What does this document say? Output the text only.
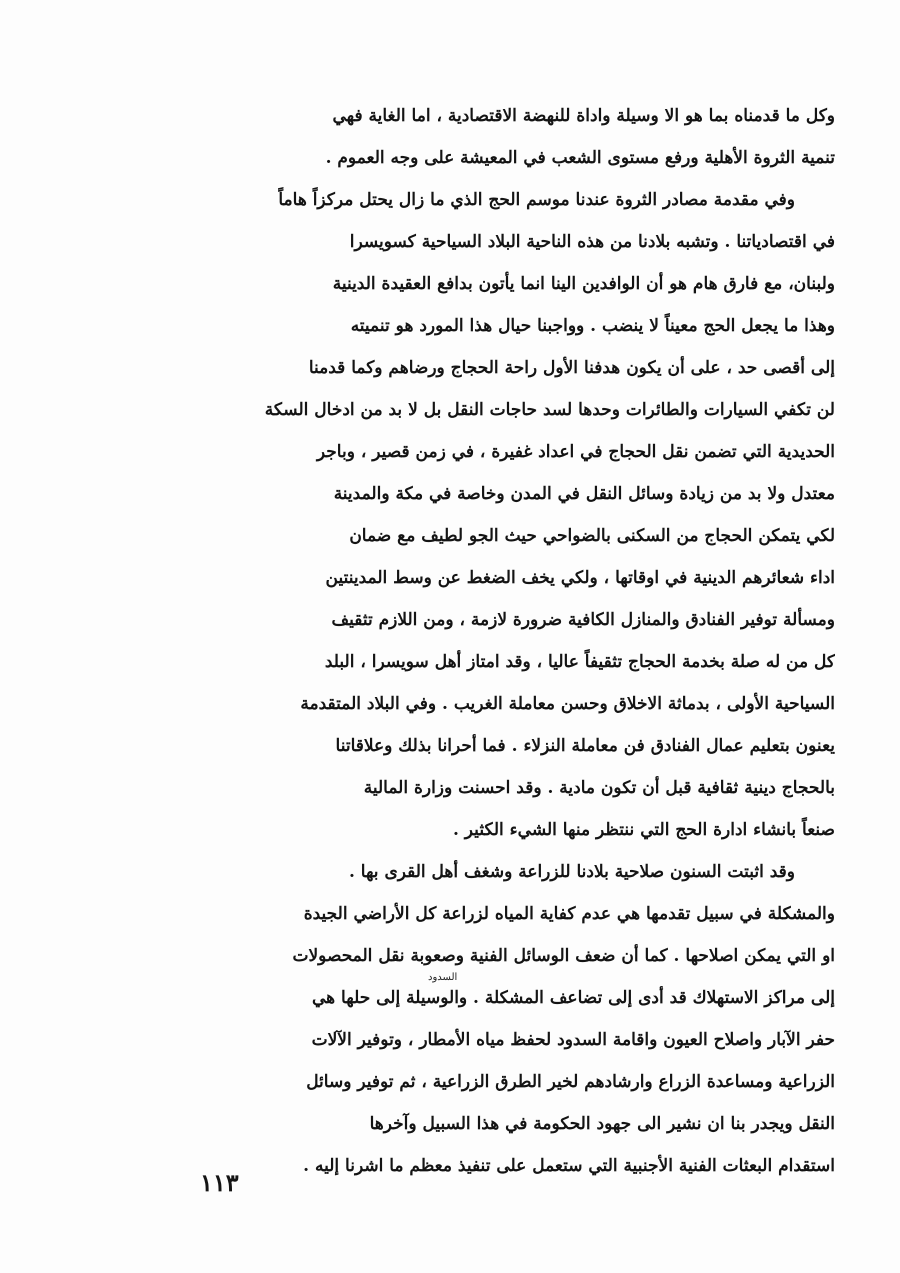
وكل ما قدمناه بما هو الا وسيلة واداة للنهضة الاقتصادية ، اما الغاية فهي
تنمية الثروة الأهلية ورفع مستوى الشعب في المعيشة على وجه العموم .
وفي مقدمة مصادر الثروة عندنا موسم الحج الذي ما زال يحتل مركزاً هاماً
في اقتصادياتنا . وتشبه بلادنا من هذه الناحية البلاد السياحية كسويسرا
ولبنان، مع فارق هام هو أن الوافدين الينا انما يأتون بدافع العقيدة الدينية
وهذا ما يجعل الحج معيناً لا ينضب . وواجبنا حيال هذا المورد هو تنميته
إلى أقصى حد ، على أن يكون هدفنا الأول راحة الحجاج ورضاهم وكما قدمنا
لن تكفي السيارات والطائرات وحدها لسد حاجات النقل بل لا بد من ادخال السكة
الحديدية التي تضمن نقل الحجاج في اعداد غفيرة ، في زمن قصير ، وباجر
معتدل ولا بد من زيادة وسائل النقل في المدن وخاصة في مكة والمدينة
لكي يتمكن الحجاج من السكنى بالضواحي حيث الجو لطيف مع ضمان
اداء شعائرهم الدينية في اوقاتها ، ولكي يخف الضغط عن وسط المدينتين
ومسألة توفير الفنادق والمنازل الكافية ضرورة لازمة ، ومن اللازم تثقيف
كل من له صلة بخدمة الحجاج تثقيفاً عاليا ، وقد امتاز أهل سويسرا ، البلد
السياحية الأولى ، بدماثة الاخلاق وحسن معاملة الغريب . وفي البلاد المتقدمة
يعنون بتعليم عمال الفنادق فن معاملة النزلاء . فما أحرانا بذلك وعلاقاتنا
بالحجاج دينية ثقافية قبل أن تكون مادية . وقد احسنت وزارة المالية
صنعاً بانشاء ادارة الحج التي ننتظر منها الشيء الكثير .
وقد اثبتت السنون صلاحية بلادنا للزراعة وشغف أهل القرى بها .
والمشكلة في سبيل تقدمها هي عدم كفاية المياه لزراعة كل الأراضي الجيدة
او التي يمكن اصلاحها . كما أن ضعف الوسائل الفنية وصعوبة نقل المحصولات
إلى مراكز الاستهلاك قد أدى إلى تضاعف المشكلة . والوسيلة إلى حلها هي
حفر الآبار واصلاح العيون واقامة السدود لحفظ مياه الأمطار ، وتوفير الآلات
الزراعية ومساعدة الزراع وارشادهم لخير الطرق الزراعية ، ثم توفير وسائل
النقل ويجدر بنا ان نشير الى جهود الحكومة في هذا السبيل وآخرها
استقدام البعثات الفنية الأجنبية التي ستعمل على تنفيذ معظم ما اشرنا إليه .
السدود
١١٣
